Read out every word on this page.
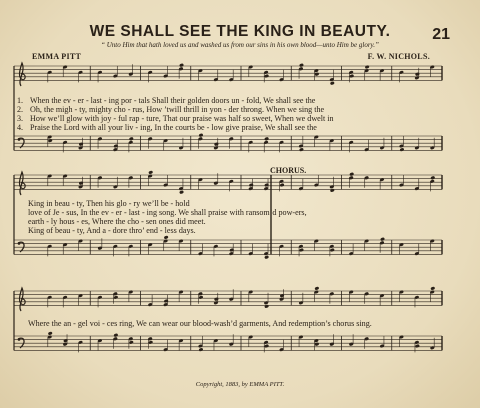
WE SHALL SEE THE KING IN BEAUTY.	21
“ Unto Him that hath loved us and washed us from our sins in his own blood—unto Him be glory.”
EMMA PITT	F. W. NICHOLS.
1. When the ev - er - last - ing por - tals Shall their golden doors un - fold, We shall see the
2. Oh, the migh - ty, mighty cho - rus, How ’twill thrill in yon - der throng. When we sing the
3. How we’ll glow with joy - ful rap - ture, That our praise was half so sweet, When we dwelt in
4. Praise the Lord with all your liv - ing, In the courts be - low give praise, We shall see the
CHORUS.
King in beau - ty, Then his glo - ry we’ll be - hold
love of Je - sus, In the ev - er - last - ing song. We shall praise with ransom’d pow-ers,
earth - ly hous - es, Where the cho - sen ones did meet.
King of beau - ty, And a - dore thro’ end - less days.
Where the an - gel voi - ces ring, We can wear our blood-wash’d garments, And redemption’s chorus sing.
Copyright, 1883, by EMMA PITT.
